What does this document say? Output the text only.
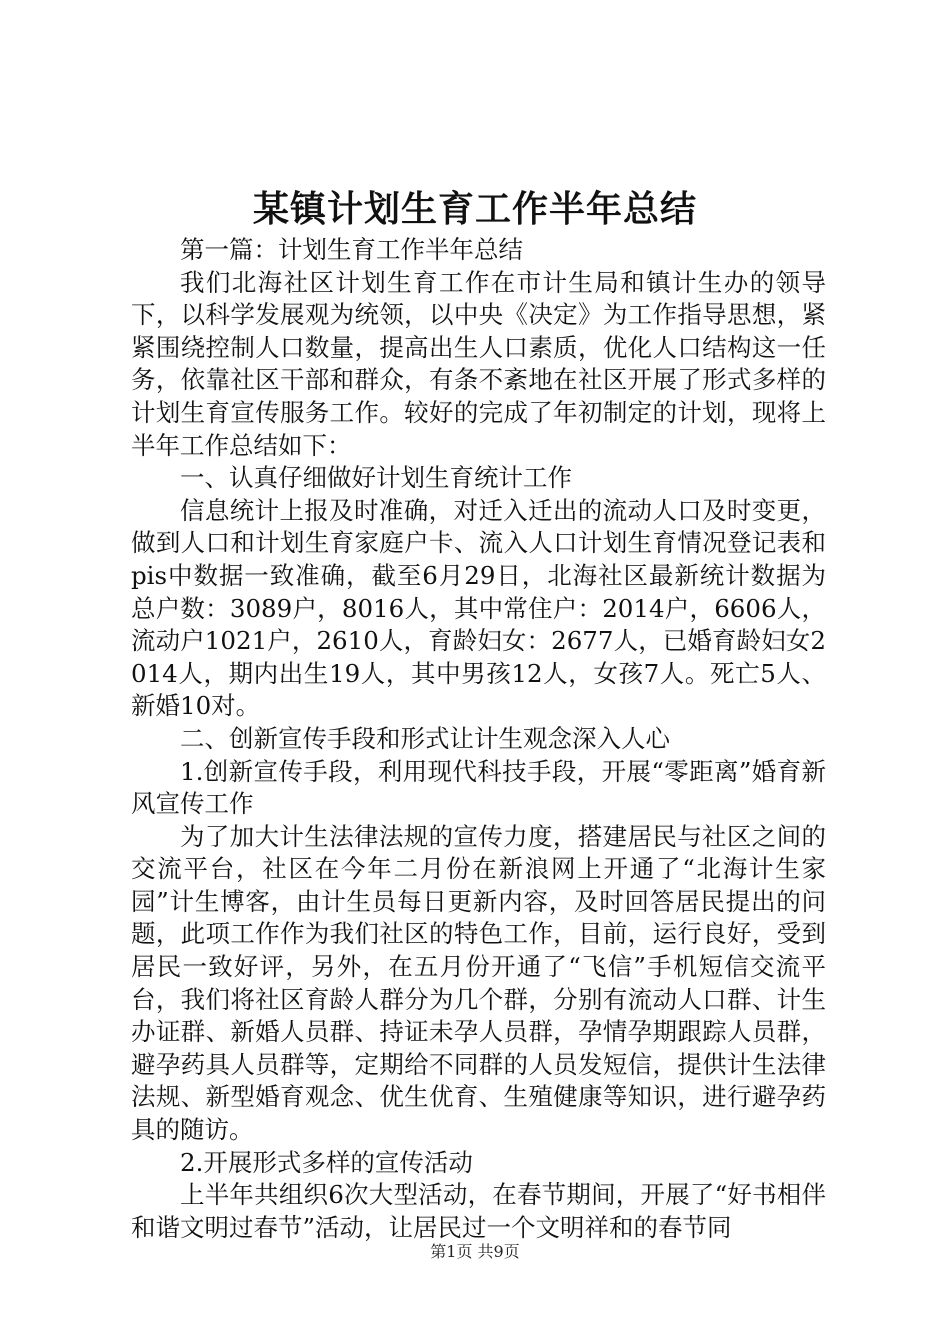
某镇计划生育工作半年总结

第一篇：计划生育工作半年总结

我们北海社区计划生育工作在市计生局和镇计生办的领导下，以科学发展观为统领，以中央《决定》为工作指导思想，紧紧围绕控制人口数量，提高出生人口素质，优化人口结构这一任务，依靠社区干部和群众，有条不紊地在社区开展了形式多样的计划生育宣传服务工作。较好的完成了年初制定的计划，现将上半年工作总结如下：

一、认真仔细做好计划生育统计工作

信息统计上报及时准确，对迁入迁出的流动人口及时变更，做到人口和计划生育家庭户卡、流入人口计划生育情况登记表和pis中数据一致准确，截至6月29日，北海社区最新统计数据为总户数：3089户，8016人，其中常住户：2014户，6606人，流动户1021户，2610人，育龄妇女：2677人，已婚育龄妇女2014人，期内出生19人，其中男孩12人，女孩7人。死亡5人、新婚10对。

二、创新宣传手段和形式让计生观念深入人心

1.创新宣传手段，利用现代科技手段，开展“零距离”婚育新风宣传工作

为了加大计生法律法规的宣传力度，搭建居民与社区之间的交流平台，社区在今年二月份在新浪网上开通了“北海计生家园”计生博客，由计生员每日更新内容，及时回答居民提出的问题，此项工作作为我们社区的特色工作，目前，运行良好，受到居民一致好评，另外，在五月份开通了“飞信”手机短信交流平台，我们将社区育龄人群分为几个群，分别有流动人口群、计生办证群、新婚人员群、持证未孕人员群，孕情孕期跟踪人员群，避孕药具人员群等，定期给不同群的人员发短信，提供计生法律法规、新型婚育观念、优生优育、生殖健康等知识，进行避孕药具的随访。

2.开展形式多样的宣传活动

上半年共组织6次大型活动，在春节期间，开展了“好书相伴和谐文明过春节”活动，让居民过一个文明祥和的春节同

第1页 共9页
